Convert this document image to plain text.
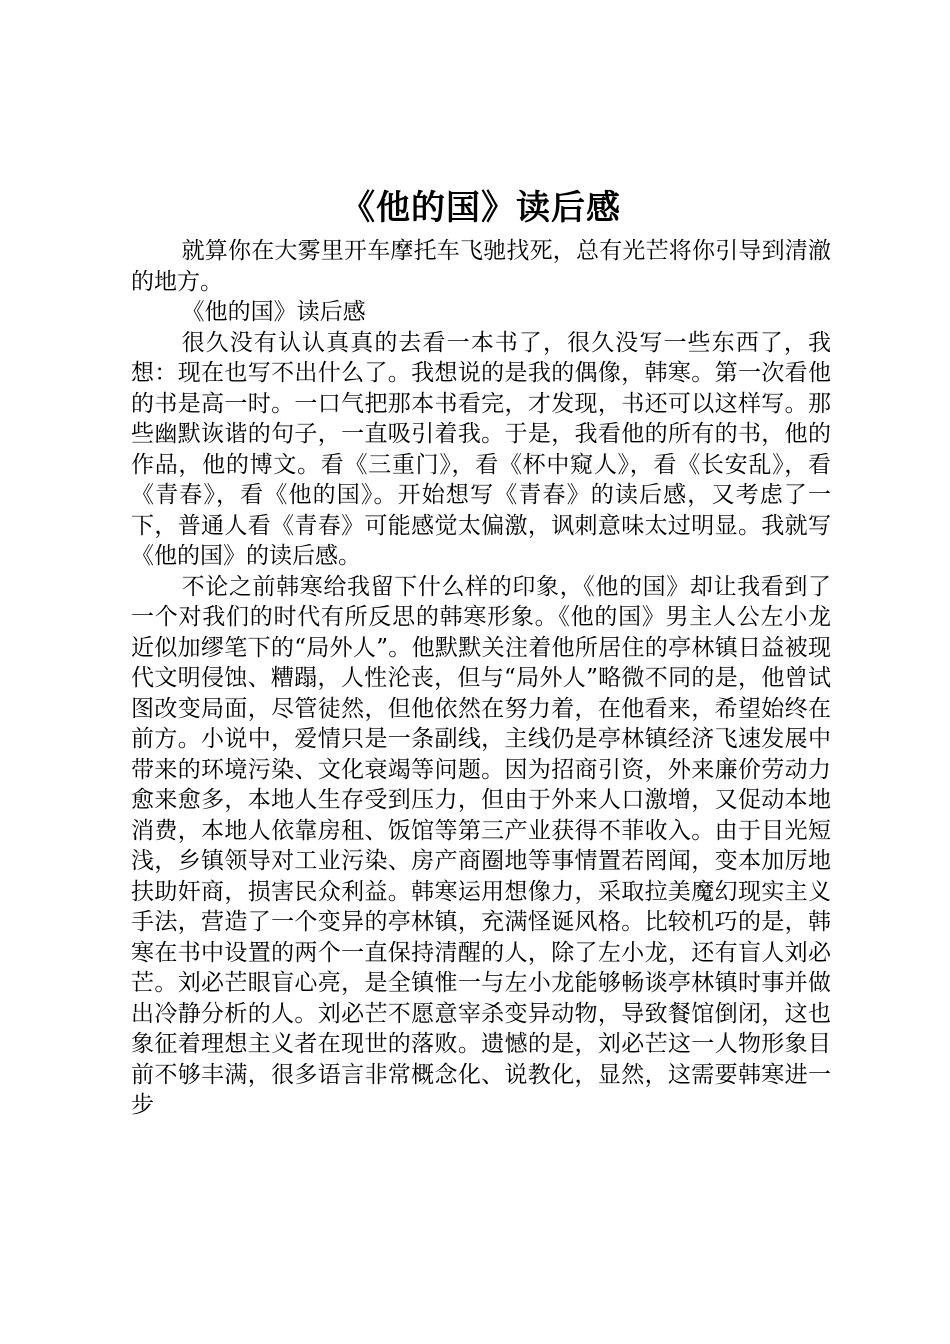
《他的国》读后感

就算你在大雾里开车摩托车飞驰找死，总有光芒将你引导到清澈的地方。

《他的国》读后感

很久没有认认真真的去看一本书了，很久没写一些东西了，我想：现在也写不出什么了。我想说的是我的偶像，韩寒。第一次看他的书是高一时。一口气把那本书看完，才发现，书还可以这样写。那些幽默诙谐的句子，一直吸引着我。于是，我看他的所有的书，他的作品，他的博文。看《三重门》，看《杯中窥人》，看《长安乱》，看《青春》，看《他的国》。开始想写《青春》的读后感，又考虑了一下，普通人看《青春》可能感觉太偏激，讽刺意味太过明显。我就写《他的国》的读后感。

不论之前韩寒给我留下什么样的印象，《他的国》却让我看到了一个对我们的时代有所反思的韩寒形象。《他的国》男主人公左小龙近似加缪笔下的“局外人”。他默默关注着他所居住的亭林镇日益被现代文明侵蚀、糟蹋，人性沦丧，但与“局外人”略微不同的是，他曾试图改变局面，尽管徒然，但他依然在努力着，在他看来，希望始终在前方。小说中，爱情只是一条副线，主线仍是亭林镇经济飞速发展中带来的环境污染、文化衰竭等问题。因为招商引资，外来廉价劳动力愈来愈多，本地人生存受到压力，但由于外来人口激增，又促动本地消费，本地人依靠房租、饭馆等第三产业获得不菲收入。由于目光短浅，乡镇领导对工业污染、房产商圈地等事情置若罔闻，变本加厉地扶助奸商，损害民众利益。韩寒运用想像力，采取拉美魔幻现实主义手法，营造了一个变异的亭林镇，充满怪诞风格。比较机巧的是，韩寒在书中设置的两个一直保持清醒的人，除了左小龙，还有盲人刘必芒。刘必芒眼盲心亮，是全镇惟一与左小龙能够畅谈亭林镇时事并做出冷静分析的人。刘必芒不愿意宰杀变异动物，导致餐馆倒闭，这也象征着理想主义者在现世的落败。遗憾的是，刘必芒这一人物形象目前不够丰满，很多语言非常概念化、说教化，显然，这需要韩寒进一步
